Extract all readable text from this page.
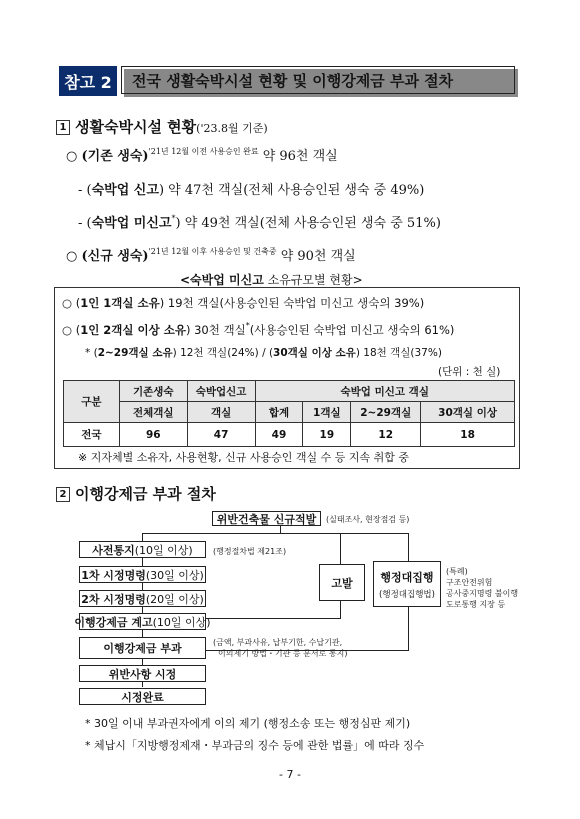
참고 2	전국 생활숙박시설 현황 및 이행강제금 부과 절차
1 생활숙박시설 현황('23.8월 기준)
○ (기존 생숙)$^{'21년 12월 이전 사용승인 완료}$ 약 96천 객실
- (숙박업 신고) 약 47천 객실(전체 사용승인된 생숙 중 49%)
- (숙박업 미신고*) 약 49천 객실(전체 사용승인된 생숙 중 51%)
○ (신규 생숙)$^{'21년 12월 이후 사용승인 및 건축중}$ 약 90천 객실
<숙박업 미신고 소유규모별 현황>
○ (1인 1객실 소유) 19천 객실(사용승인된 숙박업 미신고 생숙의 39%)
○ (1인 2객실 이상 소유) 30천 객실*(사용승인된 숙박업 미신고 생숙의 61%)
* (2~29객실 소유) 12천 객실(24%) / (30객실 이상 소유) 18천 객실(37%)
(단위 : 천 실)
구분	기존생숙	숙박업신고	숙박업 미신고 객실			
	전체객실	객실	합계	1객실	2~29객실	30객실 이상
전국	96	47	49	19	12	18
※ 지자체별 소유자, 사용현황, 신규 사용승인 객실 수 등 지속 취합 중
2 이행강제금 부과 절차
위반건축물 신규적발	(실태조사, 현장점검 등)
사전통지 (10일 이상)	(행정절차법 제21조)
1차 시정명령 (30일 이상)
2차 시정명령 (20일 이상)
이행강제금 계고 (10일 이상)
이행강제금 부과	(금액, 부과사유, 납부기한, 수납기관,
이의제기 방법・기관 등 문서로 통지)
위반사항 시정
시정완료
고발	행정대집행
(행정대집행법)
(특례)
구조안전위험
공사중지명령 불이행
도로통행 지장 등
* 30일 이내 부과권자에게 이의 제기 (행정소송 또는 행정심판 제기)
* 체납시「지방행정제재・부과금의 징수 등에 관한 법률」에 따라 징수
- 7 -
